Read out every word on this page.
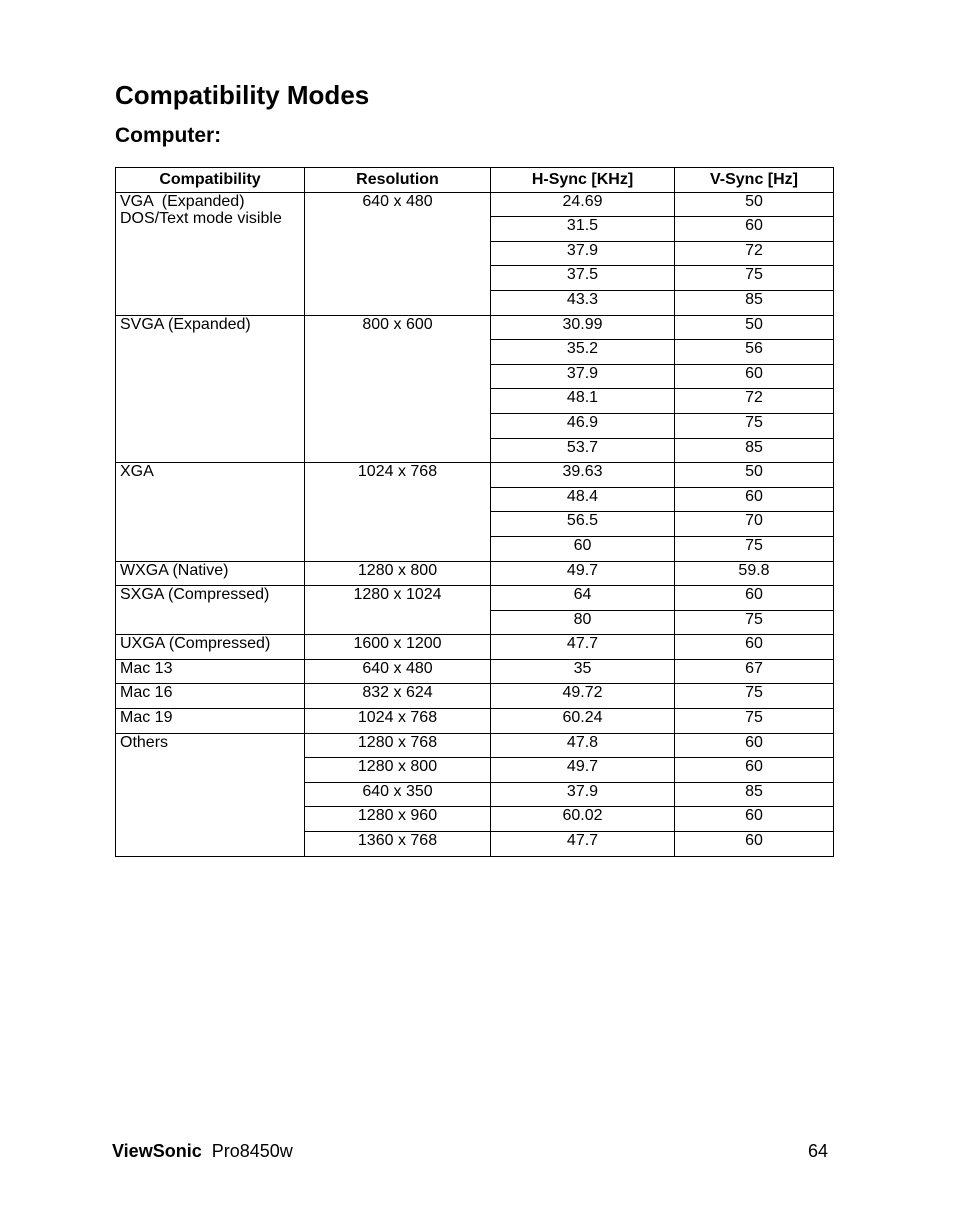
Compatibility Modes
Computer:
Compatibility	Resolution	H-Sync [KHz]	V-Sync [Hz]

VGA  (Expanded)
DOS/Text mode visible	640 x 480	24.69	50
		31.5	60
		37.9	72
		37.5	75
		43.3	85

SVGA (Expanded)	800 x 600	30.99	50
		35.2	56
		37.9	60
		48.1	72
		46.9	75
		53.7	85

XGA	1024 x 768	39.63	50
		48.4	60
		56.5	70
		60	75

WXGA (Native)	1280 x 800	49.7	59.8

SXGA (Compressed)	1280 x 1024	64	60
		80	75

UXGA (Compressed)	1600 x 1200	47.7	60

Mac 13	640 x 480	35	67

Mac 16	832 x 624	49.72	75

Mac 19	1024 x 768	60.24	75

Others	1280 x 768	47.8	60
	1280 x 800	49.7	60
	640 x 350	37.9	85
	1280 x 960	60.02	60
	1360 x 768	47.7	60
ViewSonic Pro8450w	64
